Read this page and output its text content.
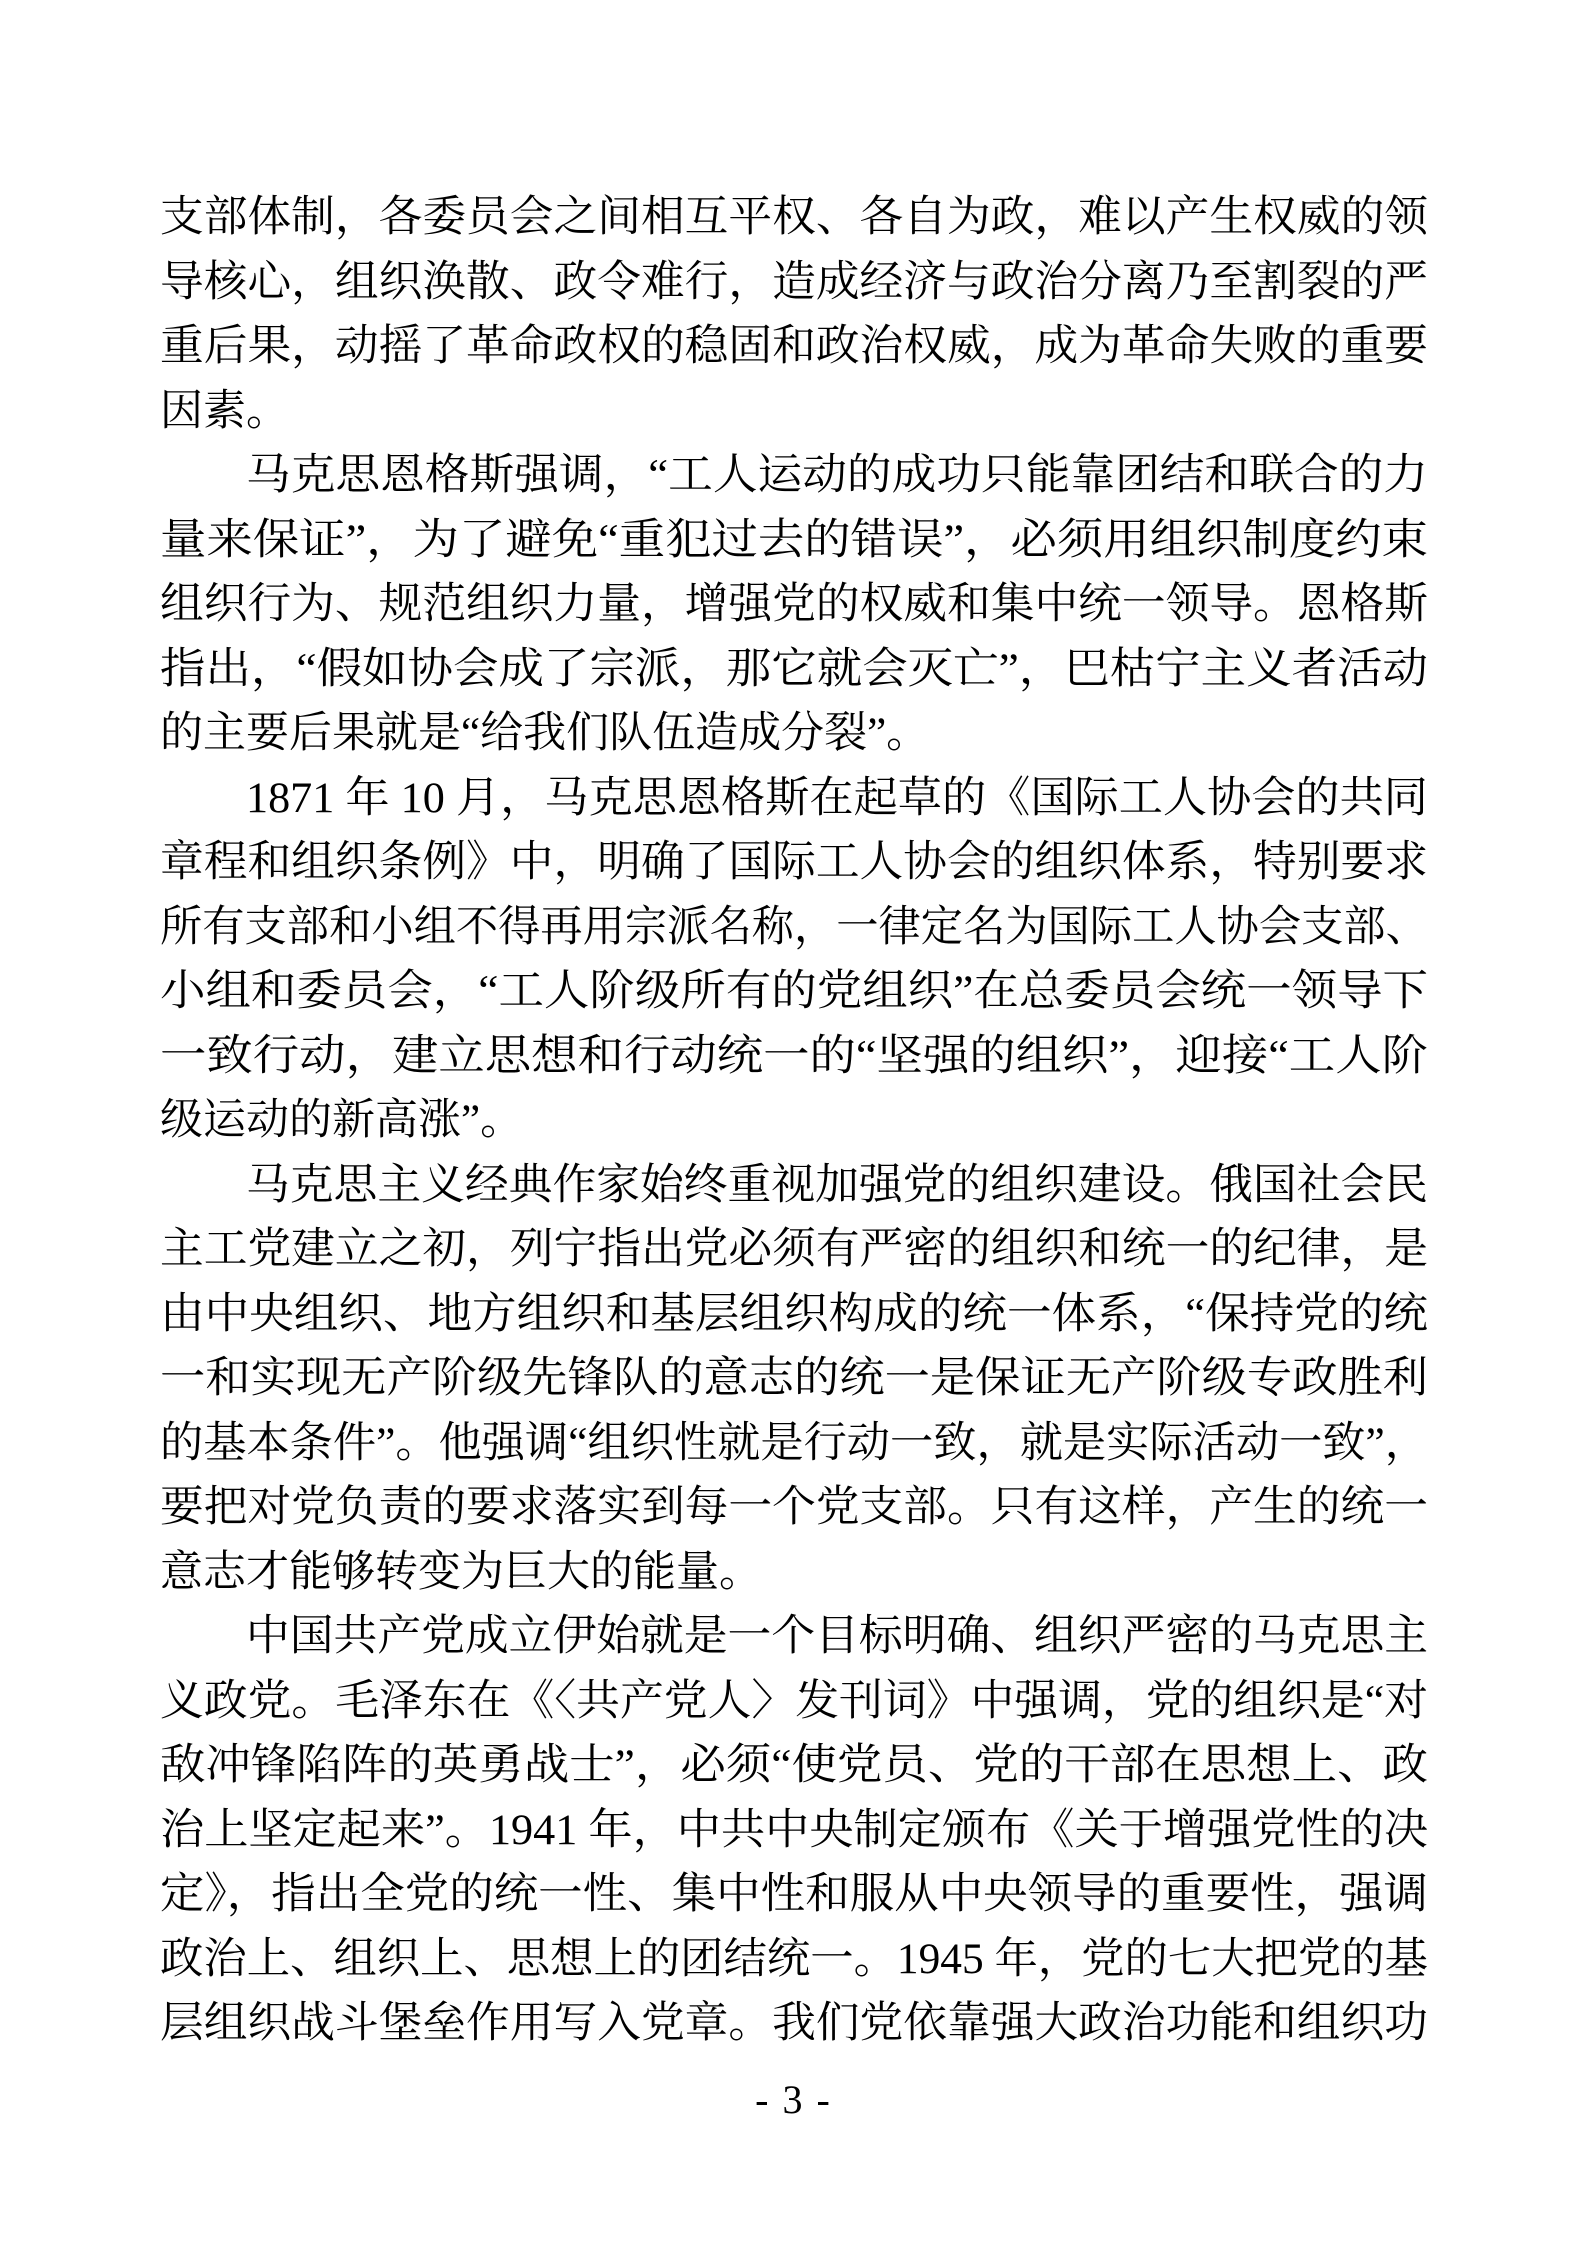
支部体制，各委员会之间相互平权、各自为政，难以产生权威的领
导核心，组织涣散、政令难行，造成经济与政治分离乃至割裂的严
重后果，动摇了革命政权的稳固和政治权威，成为革命失败的重要
因素。
马克思恩格斯强调，“工人运动的成功只能靠团结和联合的力
量来保证”，为了避免“重犯过去的错误”，必须用组织制度约束
组织行为、规范组织力量，增强党的权威和集中统一领导。恩格斯
指出，“假如协会成了宗派，那它就会灭亡”，巴枯宁主义者活动
的主要后果就是“给我们队伍造成分裂”。
1871 年 10 月，马克思恩格斯在起草的《国际工人协会的共同
章程和组织条例》中，明确了国际工人协会的组织体系，特别要求
所有支部和小组不得再用宗派名称，一律定名为国际工人协会支部、
小组和委员会，“工人阶级所有的党组织”在总委员会统一领导下
一致行动，建立思想和行动统一的“坚强的组织”，迎接“工人阶
级运动的新高涨”。
马克思主义经典作家始终重视加强党的组织建设。俄国社会民
主工党建立之初，列宁指出党必须有严密的组织和统一的纪律，是
由中央组织、地方组织和基层组织构成的统一体系，“保持党的统
一和实现无产阶级先锋队的意志的统一是保证无产阶级专政胜利
的基本条件”。他强调“组织性就是行动一致，就是实际活动一致”，
要把对党负责的要求落实到每一个党支部。只有这样，产生的统一
意志才能够转变为巨大的能量。
中国共产党成立伊始就是一个目标明确、组织严密的马克思主
义政党。毛泽东在《〈共产党人〉发刊词》中强调，党的组织是“对
敌冲锋陷阵的英勇战士”，必须“使党员、党的干部在思想上、政
治上坚定起来”。1941 年，中共中央制定颁布《关于增强党性的决
定》，指出全党的统一性、集中性和服从中央领导的重要性，强调
政治上、组织上、思想上的团结统一。1945 年，党的七大把党的基
层组织战斗堡垒作用写入党章。我们党依靠强大政治功能和组织功
- 3 -
